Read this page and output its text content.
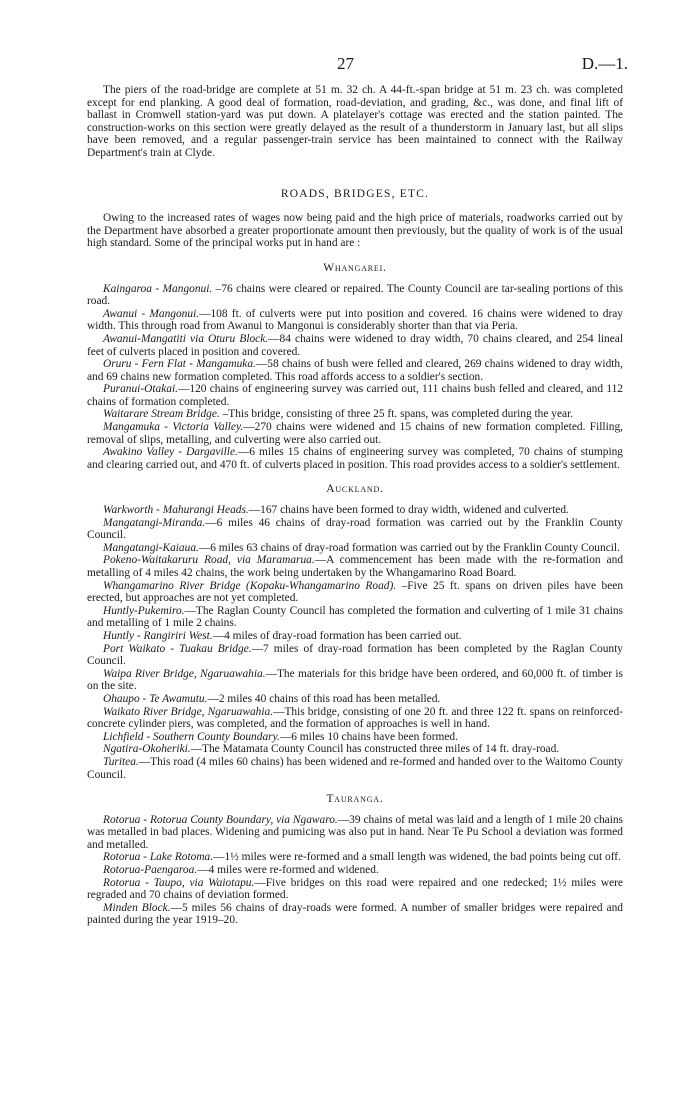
27	D.—1.

The piers of the road-bridge are complete at 51 m. 32 ch. A 44-ft.-span bridge at 51 m. 23 ch. was completed except for end planking. A good deal of formation, road-deviation, and grading, &c., was done, and final lift of ballast in Cromwell station-yard was put down. A platelayer's cottage was erected and the station painted. The construction-works on this section were greatly delayed as the result of a thunderstorm in January last, but all slips have been removed, and a regular passenger-train service has been maintained to connect with the Railway Department's train at Clyde.

ROADS, BRIDGES, ETC.

Owing to the increased rates of wages now being paid and the high price of materials, roadworks carried out by the Department have absorbed a greater proportionate amount then previously, but the quality of work is of the usual high standard. Some of the principal works put in hand are :

Whangarei.

Kaingaroa - Mangonui. –76 chains were cleared or repaired. The County Council are tar-sealing portions of this road.

Awanui - Mangonui.—108 ft. of culverts were put into position and covered. 16 chains were widened to dray width. This through road from Awanui to Mangonui is considerably shorter than that via Peria.

Awanui-Mangatiti via Oturu Block.—84 chains were widened to dray width, 70 chains cleared, and 254 lineal feet of culverts placed in position and covered.

Oruru - Fern Flat - Mangamuka.—58 chains of bush were felled and cleared, 269 chains widened to dray width, and 69 chains new formation completed. This road affords access to a soldier's section.

Puranui-Otakai.—120 chains of engineering survey was carried out, 111 chains bush felled and cleared, and 112 chains of formation completed.

Waitarare Stream Bridge. –This bridge, consisting of three 25 ft. spans, was completed during the year.

Mangamuka - Victoria Valley.—270 chains were widened and 15 chains of new formation completed. Filling, removal of slips, metalling, and culverting were also carried out.

Awakino Valley - Dargaville.—6 miles 15 chains of engineering survey was completed, 70 chains of stumping and clearing carried out, and 470 ft. of culverts placed in position. This road provides access to a soldier's settlement.

Auckland.

Warkworth - Mahurangi Heads.—167 chains have been formed to dray width, widened and culverted.

Mangatangi-Miranda.—6 miles 46 chains of dray-road formation was carried out by the Franklin County Council.

Mangatangi-Kaiaua.—6 miles 63 chains of dray-road formation was carried out by the Franklin County Council.

Pokeno-Waitakaruru Road, via Maramarua.—A commencement has been made with the re-formation and metalling of 4 miles 42 chains, the work being undertaken by the Whangamarino Road Board.

Whangamarino River Bridge (Kopaku-Whangamarino Road). –Five 25 ft. spans on driven piles have been erected, but approaches are not yet completed.

Huntly-Pukemiro.—The Raglan County Council has completed the formation and culverting of 1 mile 31 chains and metalling of 1 mile 2 chains.

Huntly - Rangiriri West.—4 miles of dray-road formation has been carried out.

Port Waikato - Tuakau Bridge.—7 miles of dray-road formation has been completed by the Raglan County Council.

Waipa River Bridge, Ngaruawahia.—The materials for this bridge have been ordered, and 60,000 ft. of timber is on the site.

Ohaupo - Te Awamutu.—2 miles 40 chains of this road has been metalled.

Waikato River Bridge, Ngaruawahia.—This bridge, consisting of one 20 ft. and three 122 ft. spans on reinforced-concrete cylinder piers, was completed, and the formation of approaches is well in hand.

Lichfield - Southern County Boundary.—6 miles 10 chains have been formed.

Ngatira-Okoheriki.—The Matamata County Council has constructed three miles of 14 ft. dray-road.

Turitea.—This road (4 miles 60 chains) has been widened and re-formed and handed over to the Waitomo County Council.

Tauranga.

Rotorua - Rotorua County Boundary, via Ngawaro.—39 chains of metal was laid and a length of 1 mile 20 chains was metalled in bad places. Widening and pumicing was also put in hand. Near Te Pu School a deviation was formed and metalled.

Rotorua - Lake Rotoma.—1½ miles were re-formed and a small length was widened, the bad points being cut off.

Rotorua-Paengaroa.—4 miles were re-formed and widened.

Rotorua - Taupo, via Waiotapu.—Five bridges on this road were repaired and one redecked; 1½ miles were regraded and 70 chains of deviation formed.

Minden Block.—5 miles 56 chains of dray-roads were formed. A number of smaller bridges were repaired and painted during the year 1919–20.
